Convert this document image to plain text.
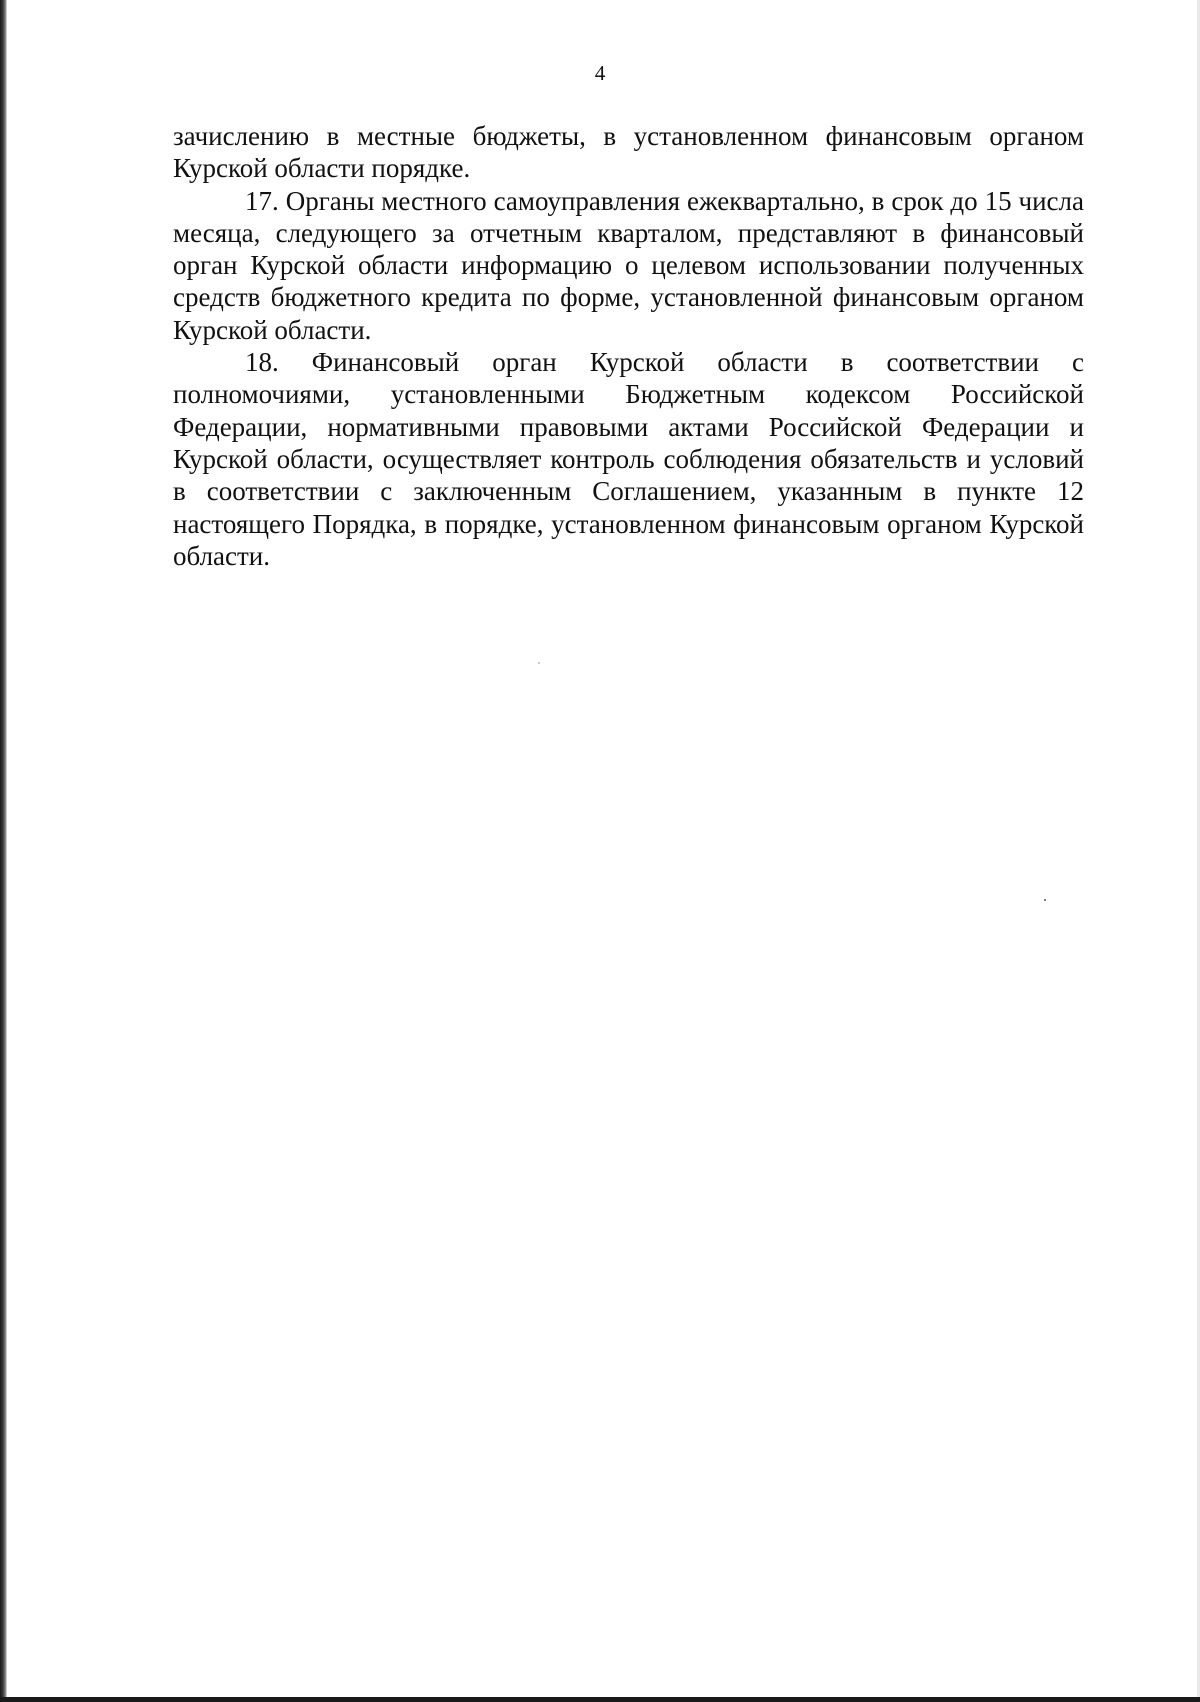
4

зачислению в местные бюджеты, в установленном финансовым органом Курской области порядке.

17. Органы местного самоуправления ежеквартально, в срок до 15 числа месяца, следующего за отчетным кварталом, представляют в финансовый орган Курской области информацию о целевом использовании полученных средств бюджетного кредита по форме, установленной финансовым органом Курской области.

18. Финансовый орган Курской области в соответствии с полномочиями, установленными Бюджетным кодексом Российской Федерации, нормативными правовыми актами Российской Федерации и Курской области, осуществляет контроль соблюдения обязательств и условий в соответствии с заключенным Соглашением, указанным в пункте 12 настоящего Порядка, в порядке, установленном финансовым органом Курской области.
